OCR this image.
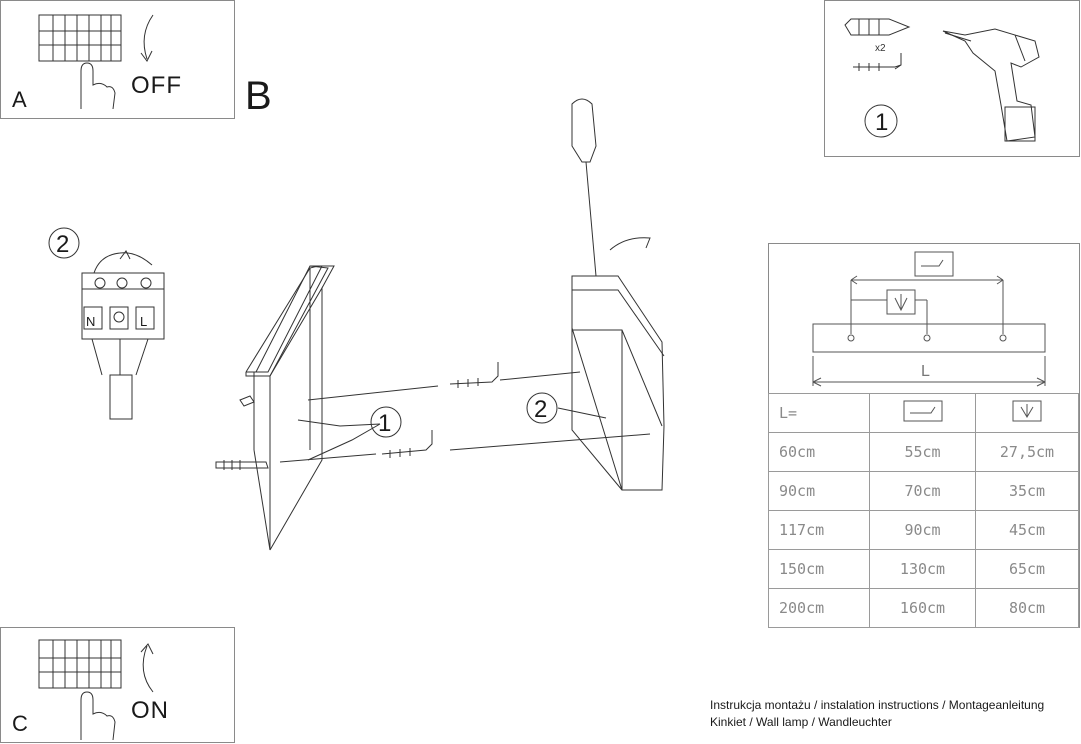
A
OFF B
x2
1
2
N	L
1
2
L
L=		
60cm	55cm	27,5cm
90cm	70cm	35cm
117cm	90cm	45cm
150cm	130cm	65cm
200cm	160cm	80cm
C	ON	Instrukcja montażu / instalation instructions / Montageanleitung
Kinkiet / Wall lamp / Wandleuchter
